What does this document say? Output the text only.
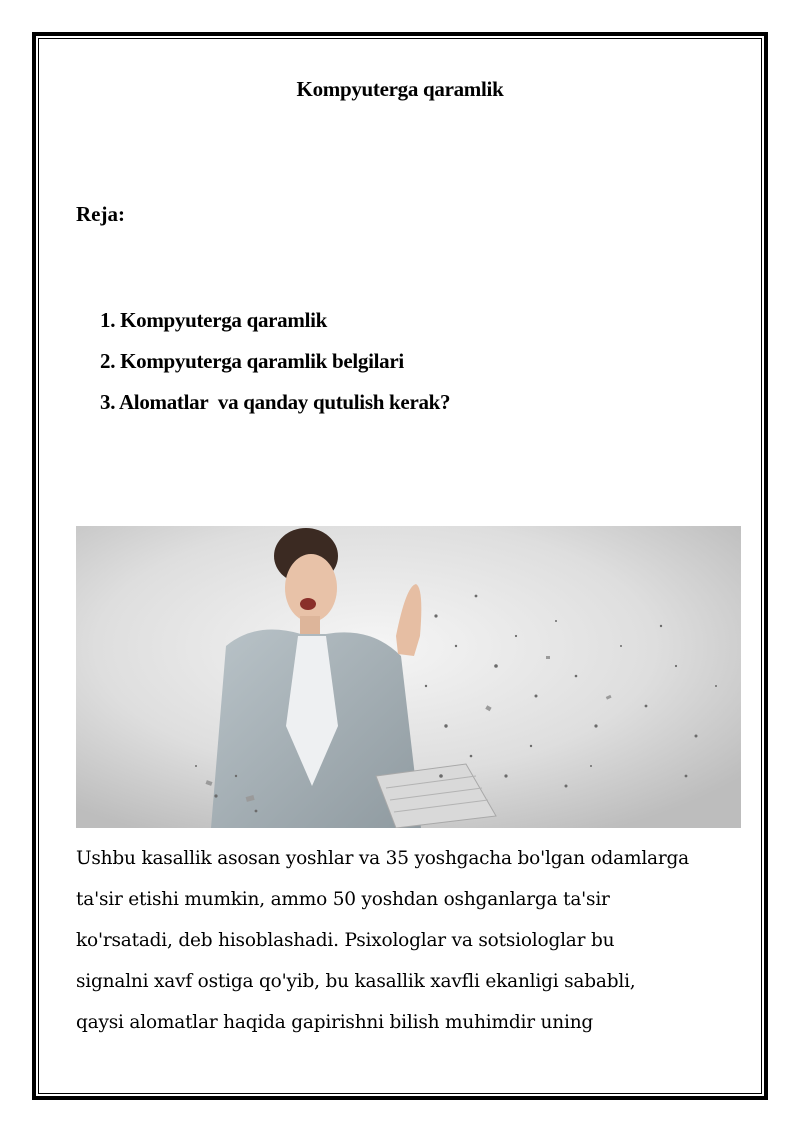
Kompyuterga qaramlik
Reja:
1. Kompyuterga qaramlik
2. Kompyuterga qaramlik belgilari
3. Alomatlar  va qanday qutulish kerak?
Ushbu kasallik asosan yoshlar va 35 yoshgacha bo'lgan odamlarga
ta'sir etishi mumkin, ammo 50 yoshdan oshganlarga ta'sir
ko'rsatadi, deb hisoblashadi. Psixologlar va sotsiologlar bu
signalni xavf ostiga qo'yib, bu kasallik xavfli ekanligi sababli,
qaysi alomatlar haqida gapirishni bilish muhimdir uning
